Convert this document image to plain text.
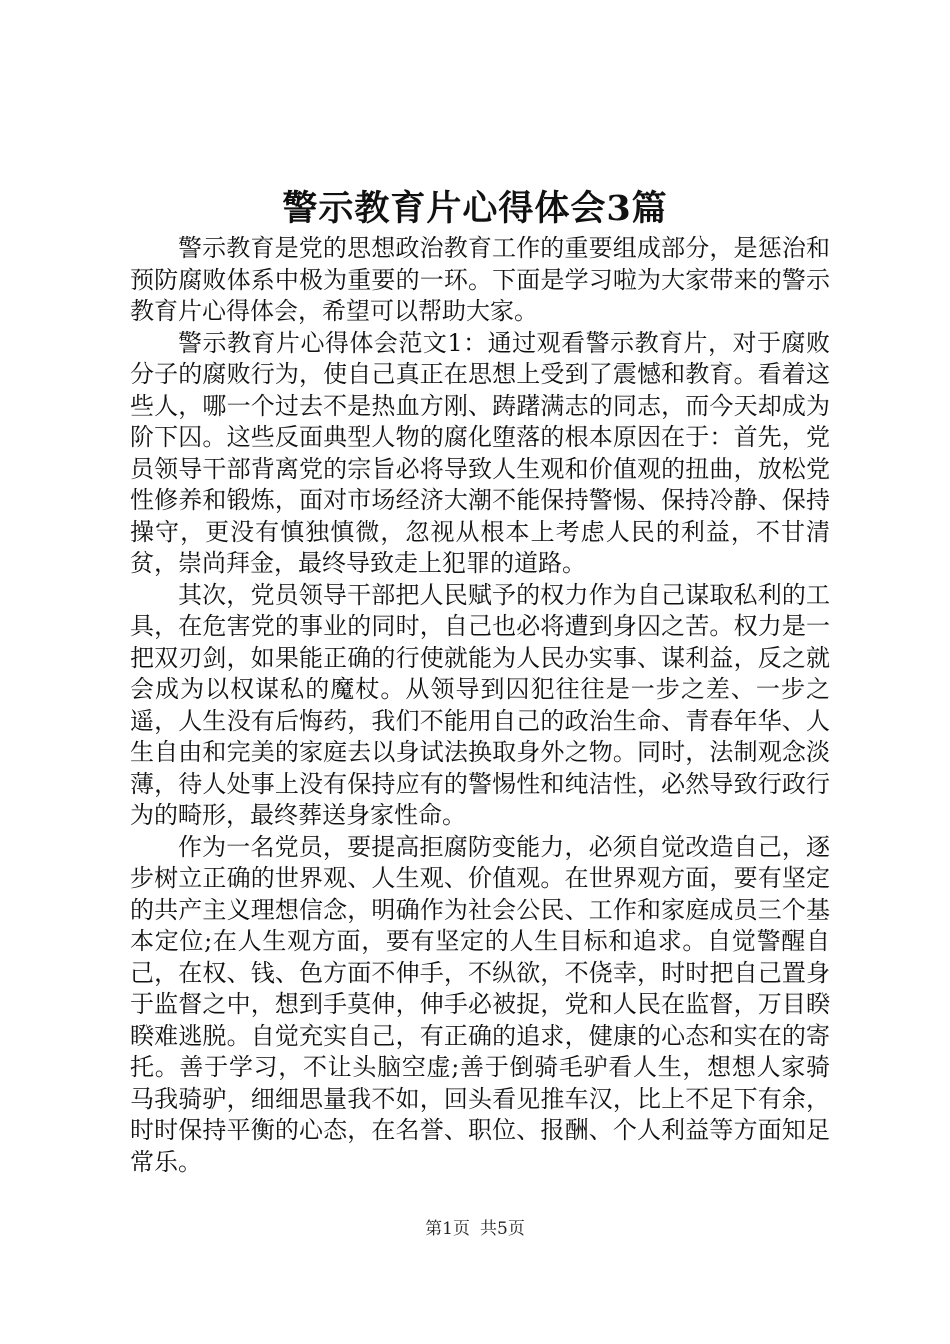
警示教育片心得体会3篇

警示教育是党的思想政治教育工作的重要组成部分，是惩治和预防腐败体系中极为重要的一环。下面是学习啦为大家带来的警示教育片心得体会，希望可以帮助大家。

警示教育片心得体会范文1：通过观看警示教育片，对于腐败分子的腐败行为，使自己真正在思想上受到了震憾和教育。看着这些人，哪一个过去不是热血方刚、踌躇满志的同志，而今天却成为阶下囚。这些反面典型人物的腐化堕落的根本原因在于：首先，党员领导干部背离党的宗旨必将导致人生观和价值观的扭曲，放松党性修养和锻炼，面对市场经济大潮不能保持警惕、保持冷静、保持操守，更没有慎独慎微，忽视从根本上考虑人民的利益，不甘清贫，崇尚拜金，最终导致走上犯罪的道路。

其次，党员领导干部把人民赋予的权力作为自己谋取私利的工具，在危害党的事业的同时，自己也必将遭到身囚之苦。权力是一把双刃剑，如果能正确的行使就能为人民办实事、谋利益，反之就会成为以权谋私的魔杖。从领导到囚犯往往是一步之差、一步之遥，人生没有后悔药，我们不能用自己的政治生命、青春年华、人生自由和完美的家庭去以身试法换取身外之物。同时，法制观念淡薄，待人处事上没有保持应有的警惕性和纯洁性，必然导致行政行为的畸形，最终葬送身家性命。

作为一名党员，要提高拒腐防变能力，必须自觉改造自己，逐步树立正确的世界观、人生观、价值观。在世界观方面，要有坚定的共产主义理想信念，明确作为社会公民、工作和家庭成员三个基本定位;在人生观方面，要有坚定的人生目标和追求。自觉警醒自己，在权、钱、色方面不伸手，不纵欲，不侥幸，时时把自己置身于监督之中，想到手莫伸，伸手必被捉，党和人民在监督，万目睽睽难逃脱。自觉充实自己，有正确的追求，健康的心态和实在的寄托。善于学习，不让头脑空虚;善于倒骑毛驴看人生，想想人家骑马我骑驴，细细思量我不如，回头看见推车汉，比上不足下有余，时时保持平衡的心态，在名誉、职位、报酬、个人利益等方面知足常乐。

第1页 共5页
